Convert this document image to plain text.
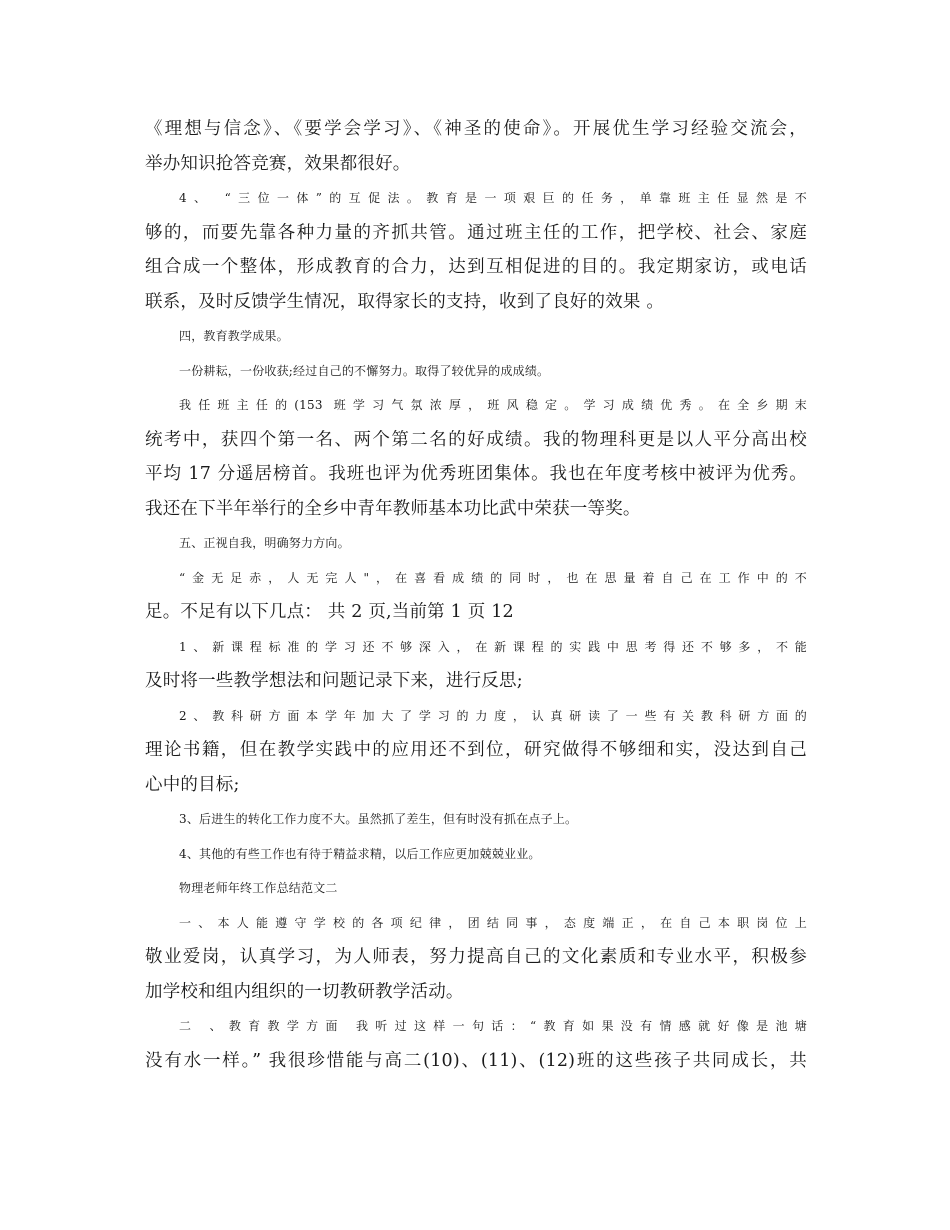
《理想与信念》、《要学会学习》、《神圣的使命》。开展优生学习经验交流会，
举办知识抢答竞赛，效果都很好。
4、 “三位一体”的互促法。教育是一项艰巨的任务，单靠班主任显然是不
够的，而要先靠各种力量的齐抓共管。通过班主任的工作，把学校、社会、家庭
组合成一个整体，形成教育的合力，达到互相促进的目的。我定期家访，或电话
联系，及时反馈学生情况，取得家长的支持，收到了良好的效果 。
四，教育教学成果。
一份耕耘，一份收获;经过自己的不懈努力。取得了较优异的成成绩。
我任班主任的(153 班学习气氛浓厚，班风稳定。学习成绩优秀。在全乡期末
统考中，获四个第一名、两个第二名的好成绩。我的物理科更是以人平分高出校
平均 17 分遥居榜首。我班也评为优秀班团集体。我也在年度考核中被评为优秀。
我还在下半年举行的全乡中青年教师基本功比武中荣获一等奖。
五、正视自我，明确努力方向。
“金无足赤，人无完人"，在喜看成绩的同时，也在思量着自己在工作中的不
足。不足有以下几点： 共 2 页,当前第 1 页 12
1、新课程标准的学习还不够深入，在新课程的实践中思考得还不够多，不能
及时将一些教学想法和问题记录下来，进行反思;
2、教科研方面本学年加大了学习的力度，认真研读了一些有关教科研方面的
理论书籍，但在教学实践中的应用还不到位，研究做得不够细和实，没达到自己
心中的目标;
3、后进生的转化工作力度不大。虽然抓了差生，但有时没有抓在点子上。
4、其他的有些工作也有待于精益求精，以后工作应更加兢兢业业。
物理老师年终工作总结范文二
一、本人能遵守学校的各项纪律，团结同事，态度端正，在自己本职岗位上
敬业爱岗，认真学习，为人师表，努力提高自己的文化素质和专业水平，积极参
加学校和组内组织的一切教研教学活动。
二 、教育教学方面 我听过这样一句话：“教育如果没有情感就好像是池塘
没有水一样。” 我很珍惜能与高二(10)、(11)、(12)班的这些孩子共同成长，共
